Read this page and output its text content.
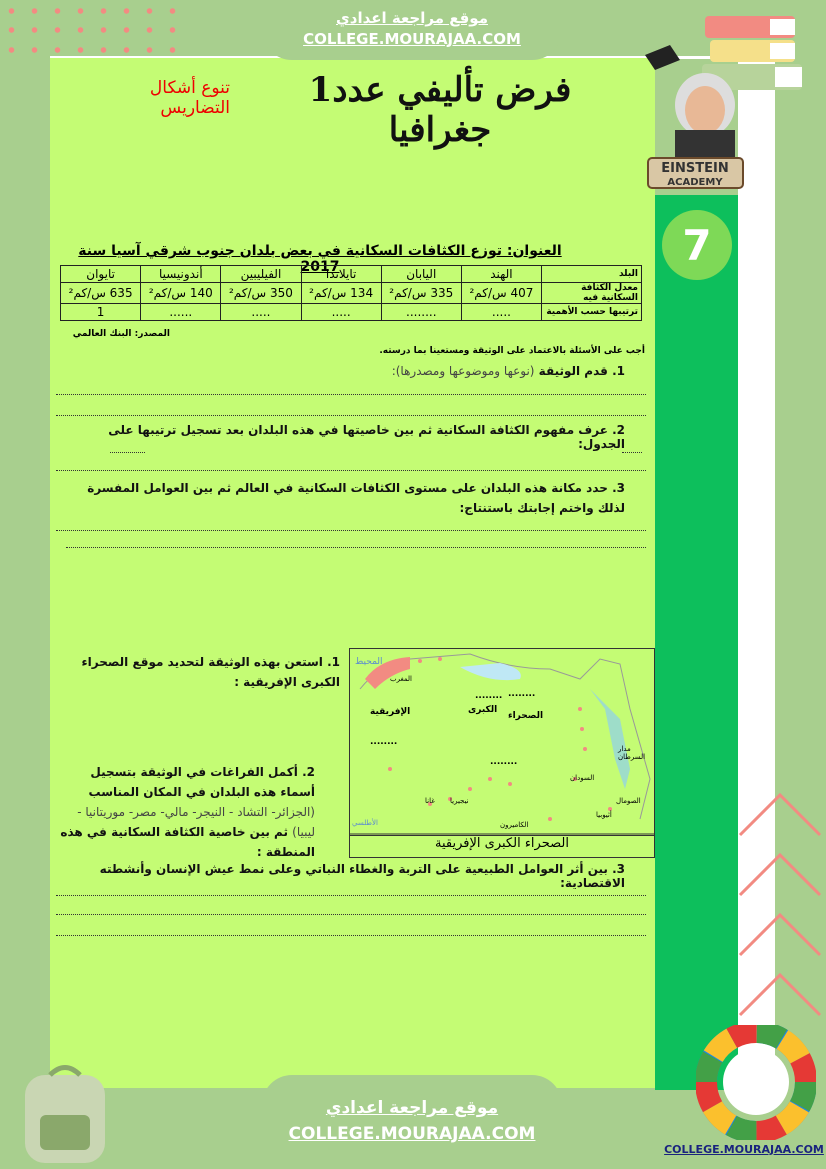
7
موقع مراجعة اعدادي
COLLEGE.MOURAJAA.COM
EINSTEIN
ACADEMY
فرض تأليفي عدد1 جغرافيا
تنوع أشكال التضاريس
العنوان: توزع الكثافات السكانية في بعض بلدان جنوب شرقي آسيا سنة 2017	البلد	الهند	اليابان	تايلاندا	الفيليبين	أندونيسيا	تايوان
معدل الكثافة السكانية فيه	407 س/كم²	335 س/كم²	134 س/كم²	350 س/كم²	140 س/كم²	635 س/كم²
ترتيبها حسب الأهمية	.....	........	.....	.....	......	1
المصدر: البنك العالمي
أجب على الأسئلة بالاعتماد على الوثيقة ومستعينا بما درسته.
1. قدم الوثيقة (نوعها وموضوعها ومصدرها):
2. عرف مفهوم الكثافة السكانية ثم بين خاصيتها في هذه البلدان بعد تسجيل ترتيبها على الجدول:
3. حدد مكانة هذه البلدان على مستوى الكثافات السكانية في العالم ثم بين العوامل المفسرة لذلك واختم إجابتك باستنتاج:
1. استعن بهذه الوثيقة لتحديد موقع الصحراء الكبرى الإفريقية :
2. أكمل الفراغات في الوثيقة بتسجيل أسماء هذه البلدان في المكان المناسب (الجزائر- التشاد - النيجر- مالي- مصر- موريتانيا - ليبيا) ثم بين خاصية الكثافة السكانية في هذه المنطقة :
الإفريقية	الكبرى
الصحراء
المحيط
مدار السرطان
المغرب
السودان
الصومال
أثيوبيا
الكاميرون
غانا نيجيريا
الأطلسي
........ ........
........
........
الصحراء الكبرى الإفريقية
3. بين أثر العوامل الطبيعية على التربة والغطاء النباتي وعلى نمط عيش الإنسان وأنشطته الاقتصادية:
موقع مراجعة اعدادي
COLLEGE.MOURAJAA.COM
COLLEGE.MOURAJAA.COM
